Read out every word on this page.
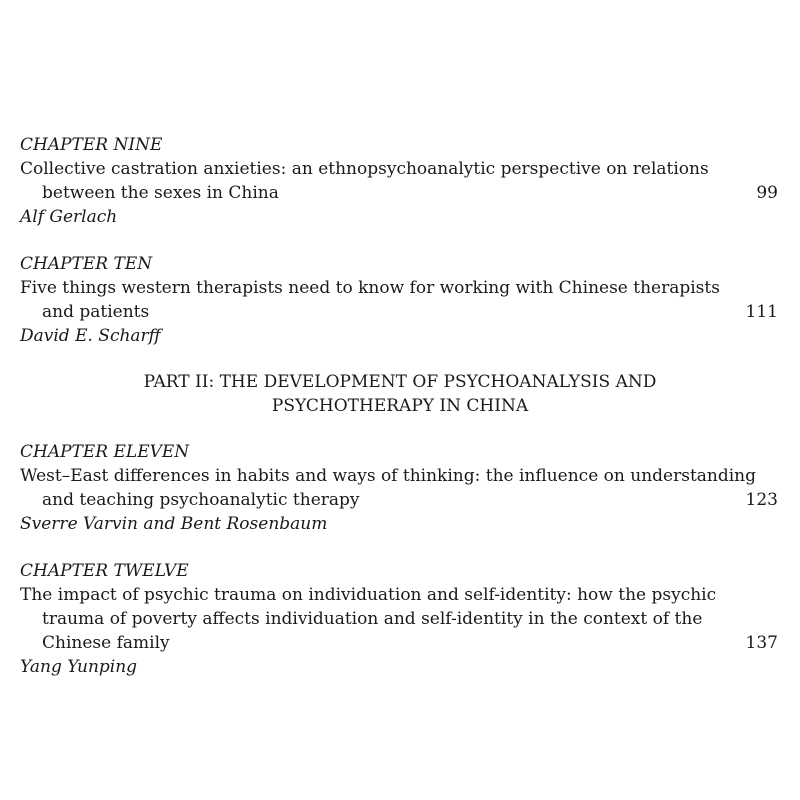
CHAPTER NINE
Collective castration anxieties: an ethnopsychoanalytic perspective on relations
between the sexes in China	99
Alf Gerlach
CHAPTER TEN
Five things western therapists need to know for working with Chinese therapists
and patients	111
David E. Scharff
PART II: THE DEVELOPMENT OF PSYCHOANALYSIS AND
PSYCHOTHERAPY IN CHINA
CHAPTER ELEVEN
West–East differences in habits and ways of thinking: the influence on understanding
and teaching psychoanalytic therapy	123
Sverre Varvin and Bent Rosenbaum
CHAPTER TWELVE
The impact of psychic trauma on individuation and self-identity: how the psychic
trauma of poverty affects individuation and self-identity in the context of the
Chinese family	137
Yang Yunping
